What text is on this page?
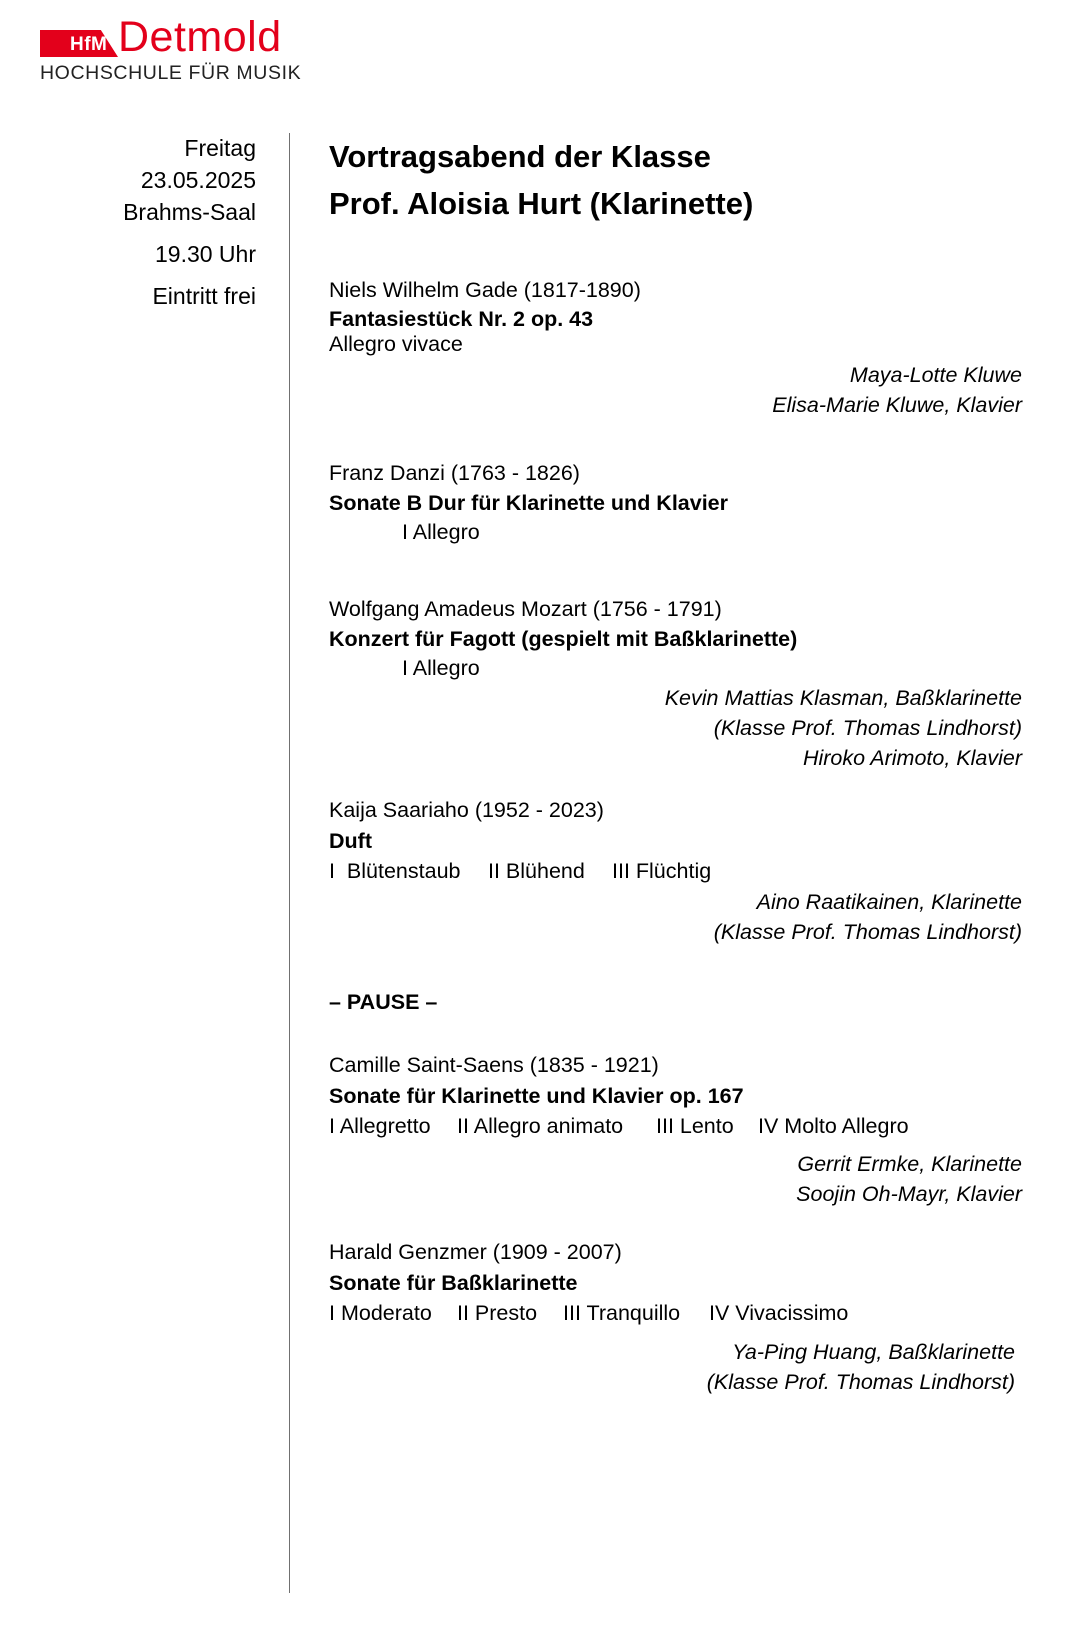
HfM Detmold
HOCHSCHULE FÜR MUSIK
Freitag
23.05.2025
Brahms-Saal
19.30 Uhr
Eintritt frei
Vortragsabend der Klasse
Prof. Aloisia Hurt (Klarinette)
Niels Wilhelm Gade (1817-1890)
Fantasiestück Nr. 2 op. 43
Allegro vivace
Maya-Lotte Kluwe
Elisa-Marie Kluwe, Klavier
Franz Danzi (1763 - 1826)
Sonate B Dur für Klarinette und Klavier
I Allegro
Wolfgang Amadeus Mozart (1756 - 1791)
Konzert für Fagott (gespielt mit Baßklarinette)
I Allegro
Kevin Mattias Klasman, Baßklarinette
(Klasse Prof. Thomas Lindhorst)
Hiroko Arimoto, Klavier
Kaija Saariaho (1952 - 2023)
Duft
I  Blütenstaub II Blühend III Flüchtig
Aino Raatikainen, Klarinette
(Klasse Prof. Thomas Lindhorst)
– PAUSE –
Camille Saint-Saens (1835 - 1921)
Sonate für Klarinette und Klavier op. 167
I Allegretto II Allegro animato III Lento IV Molto Allegro
Gerrit Ermke, Klarinette
Soojin Oh-Mayr, Klavier
Harald Genzmer (1909 - 2007)
Sonate für Baßklarinette
I Moderato II Presto III Tranquillo IV Vivacissimo
Ya-Ping Huang, Baßklarinette
(Klasse Prof. Thomas Lindhorst)
